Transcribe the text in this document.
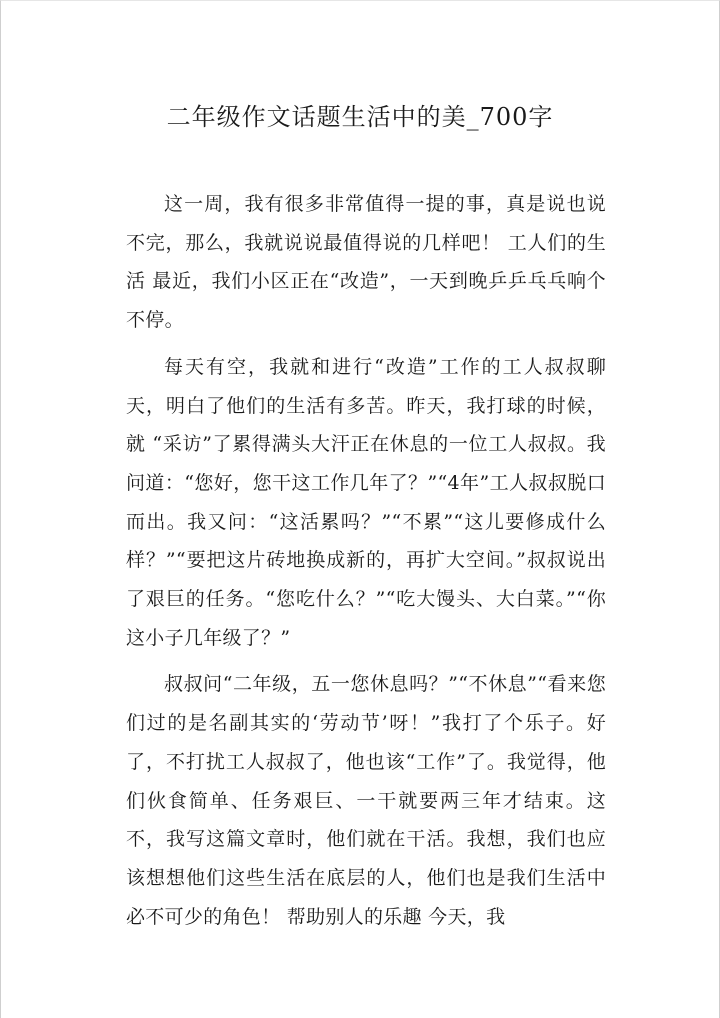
二年级作文话题生活中的美_700字

这一周，我有很多非常值得一提的事，真是说也说不完，那么，我就说说最值得说的几样吧！ 工人们的生活 最近，我们小区正在“改造”，一天到晚乒乒乓乓响个不停。

每天有空，我就和进行“改造”工作的工人叔叔聊天，明白了他们的生活有多苦。昨天，我打球的时候，就 “采访”了累得满头大汗正在休息的一位工人叔叔。我问道：“您好，您干这工作几年了？”“4年”工人叔叔脱口而出。我又问：“这活累吗？”“不累”“这儿要修成什么样？”“要把这片砖地换成新的，再扩大空间。”叔叔说出了艰巨的任务。“您吃什么？”“吃大馒头、大白菜。”“你这小子几年级了？”

叔叔问“二年级，五一您休息吗？”“不休息”“看来您们过的是名副其实的‘劳动节’呀！”我打了个乐子。好了，不打扰工人叔叔了，他也该“工作”了。我觉得，他们伙食简单、任务艰巨、一干就要两三年才结束。这不，我写这篇文章时，他们就在干活。我想，我们也应该想想他们这些生活在底层的人，他们也是我们生活中必不可少的角色！ 帮助别人的乐趣 今天，我
